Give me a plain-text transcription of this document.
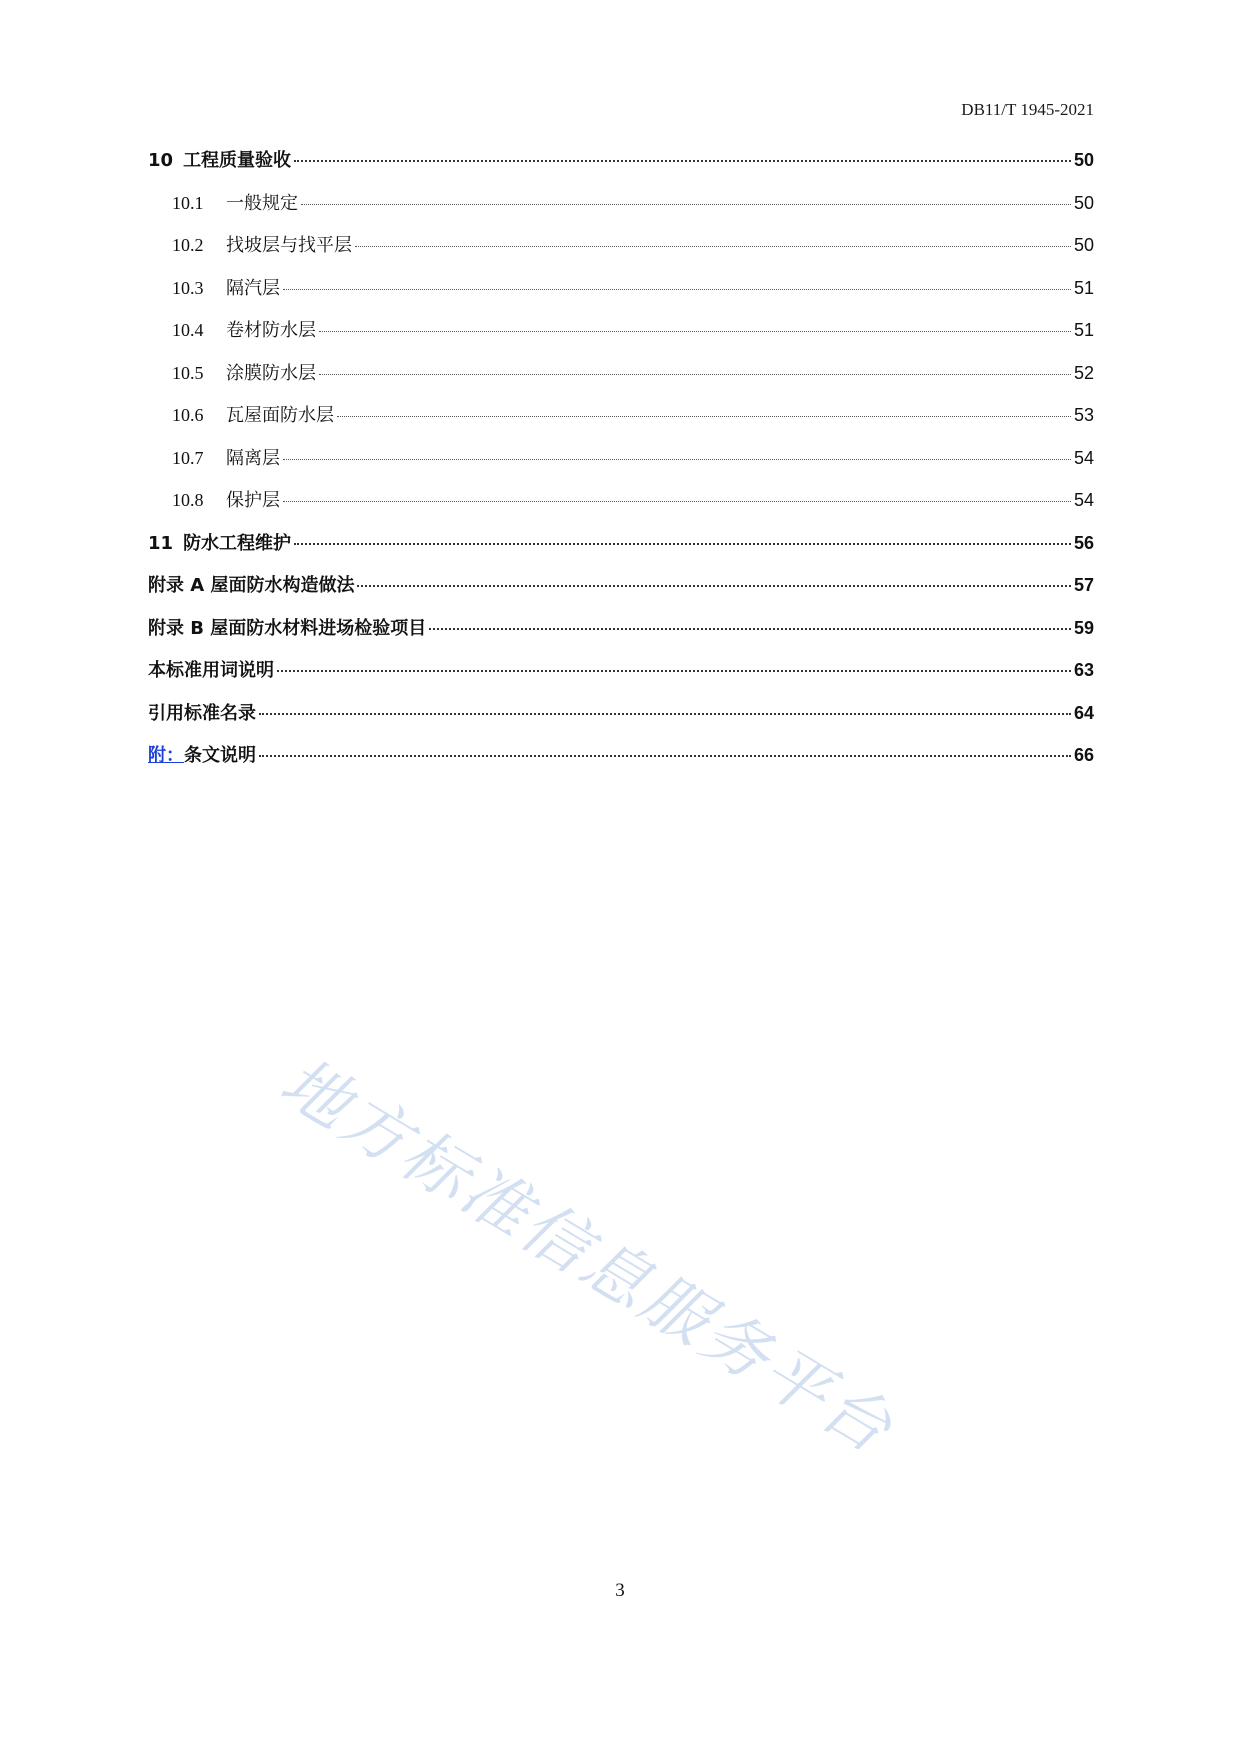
DB11/T 1945-2021
10 工程质量验收	50
10.1	一般规定	50
10.2	找坡层与找平层	50
10.3	隔汽层	51
10.4	卷材防水层	51
10.5	涂膜防水层	52
10.6	瓦屋面防水层	53
10.7	隔离层	54
10.8	保护层	54
11 防水工程维护	56
附录 A 屋面防水构造做法	57
附录 B 屋面防水材料进场检验项目	59
本标准用词说明	63
引用标准名录	64
附： 条文说明	66
地方标准信息服务平台
3
